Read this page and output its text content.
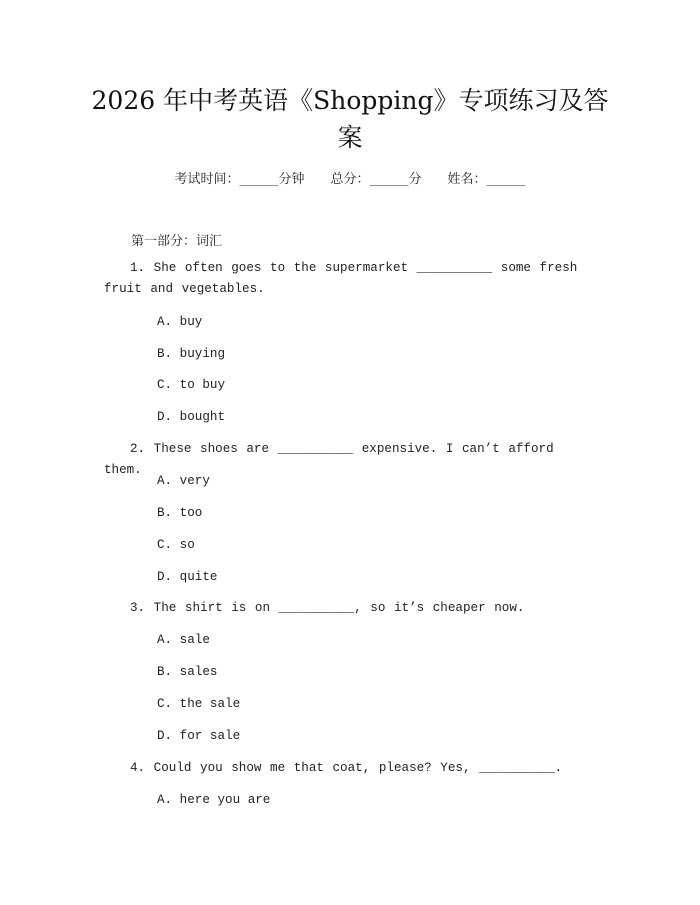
2026 年中考英语《Shopping》专项练习及答
案
考试时间：______分钟 总分：______分 姓名：______
第一部分：词汇
1. She often goes to the supermarket __________ some fresh fruit and vegetables.
A. buy
B. buying
C. to buy
D. bought
2. These shoes are __________ expensive. I can’t afford them.
A. very
B. too
C. so
D. quite
3. The shirt is on __________, so it’s cheaper now.
A. sale
B. sales
C. the sale
D. for sale
4. Could you show me that coat, please? Yes, __________.
A. here you are
